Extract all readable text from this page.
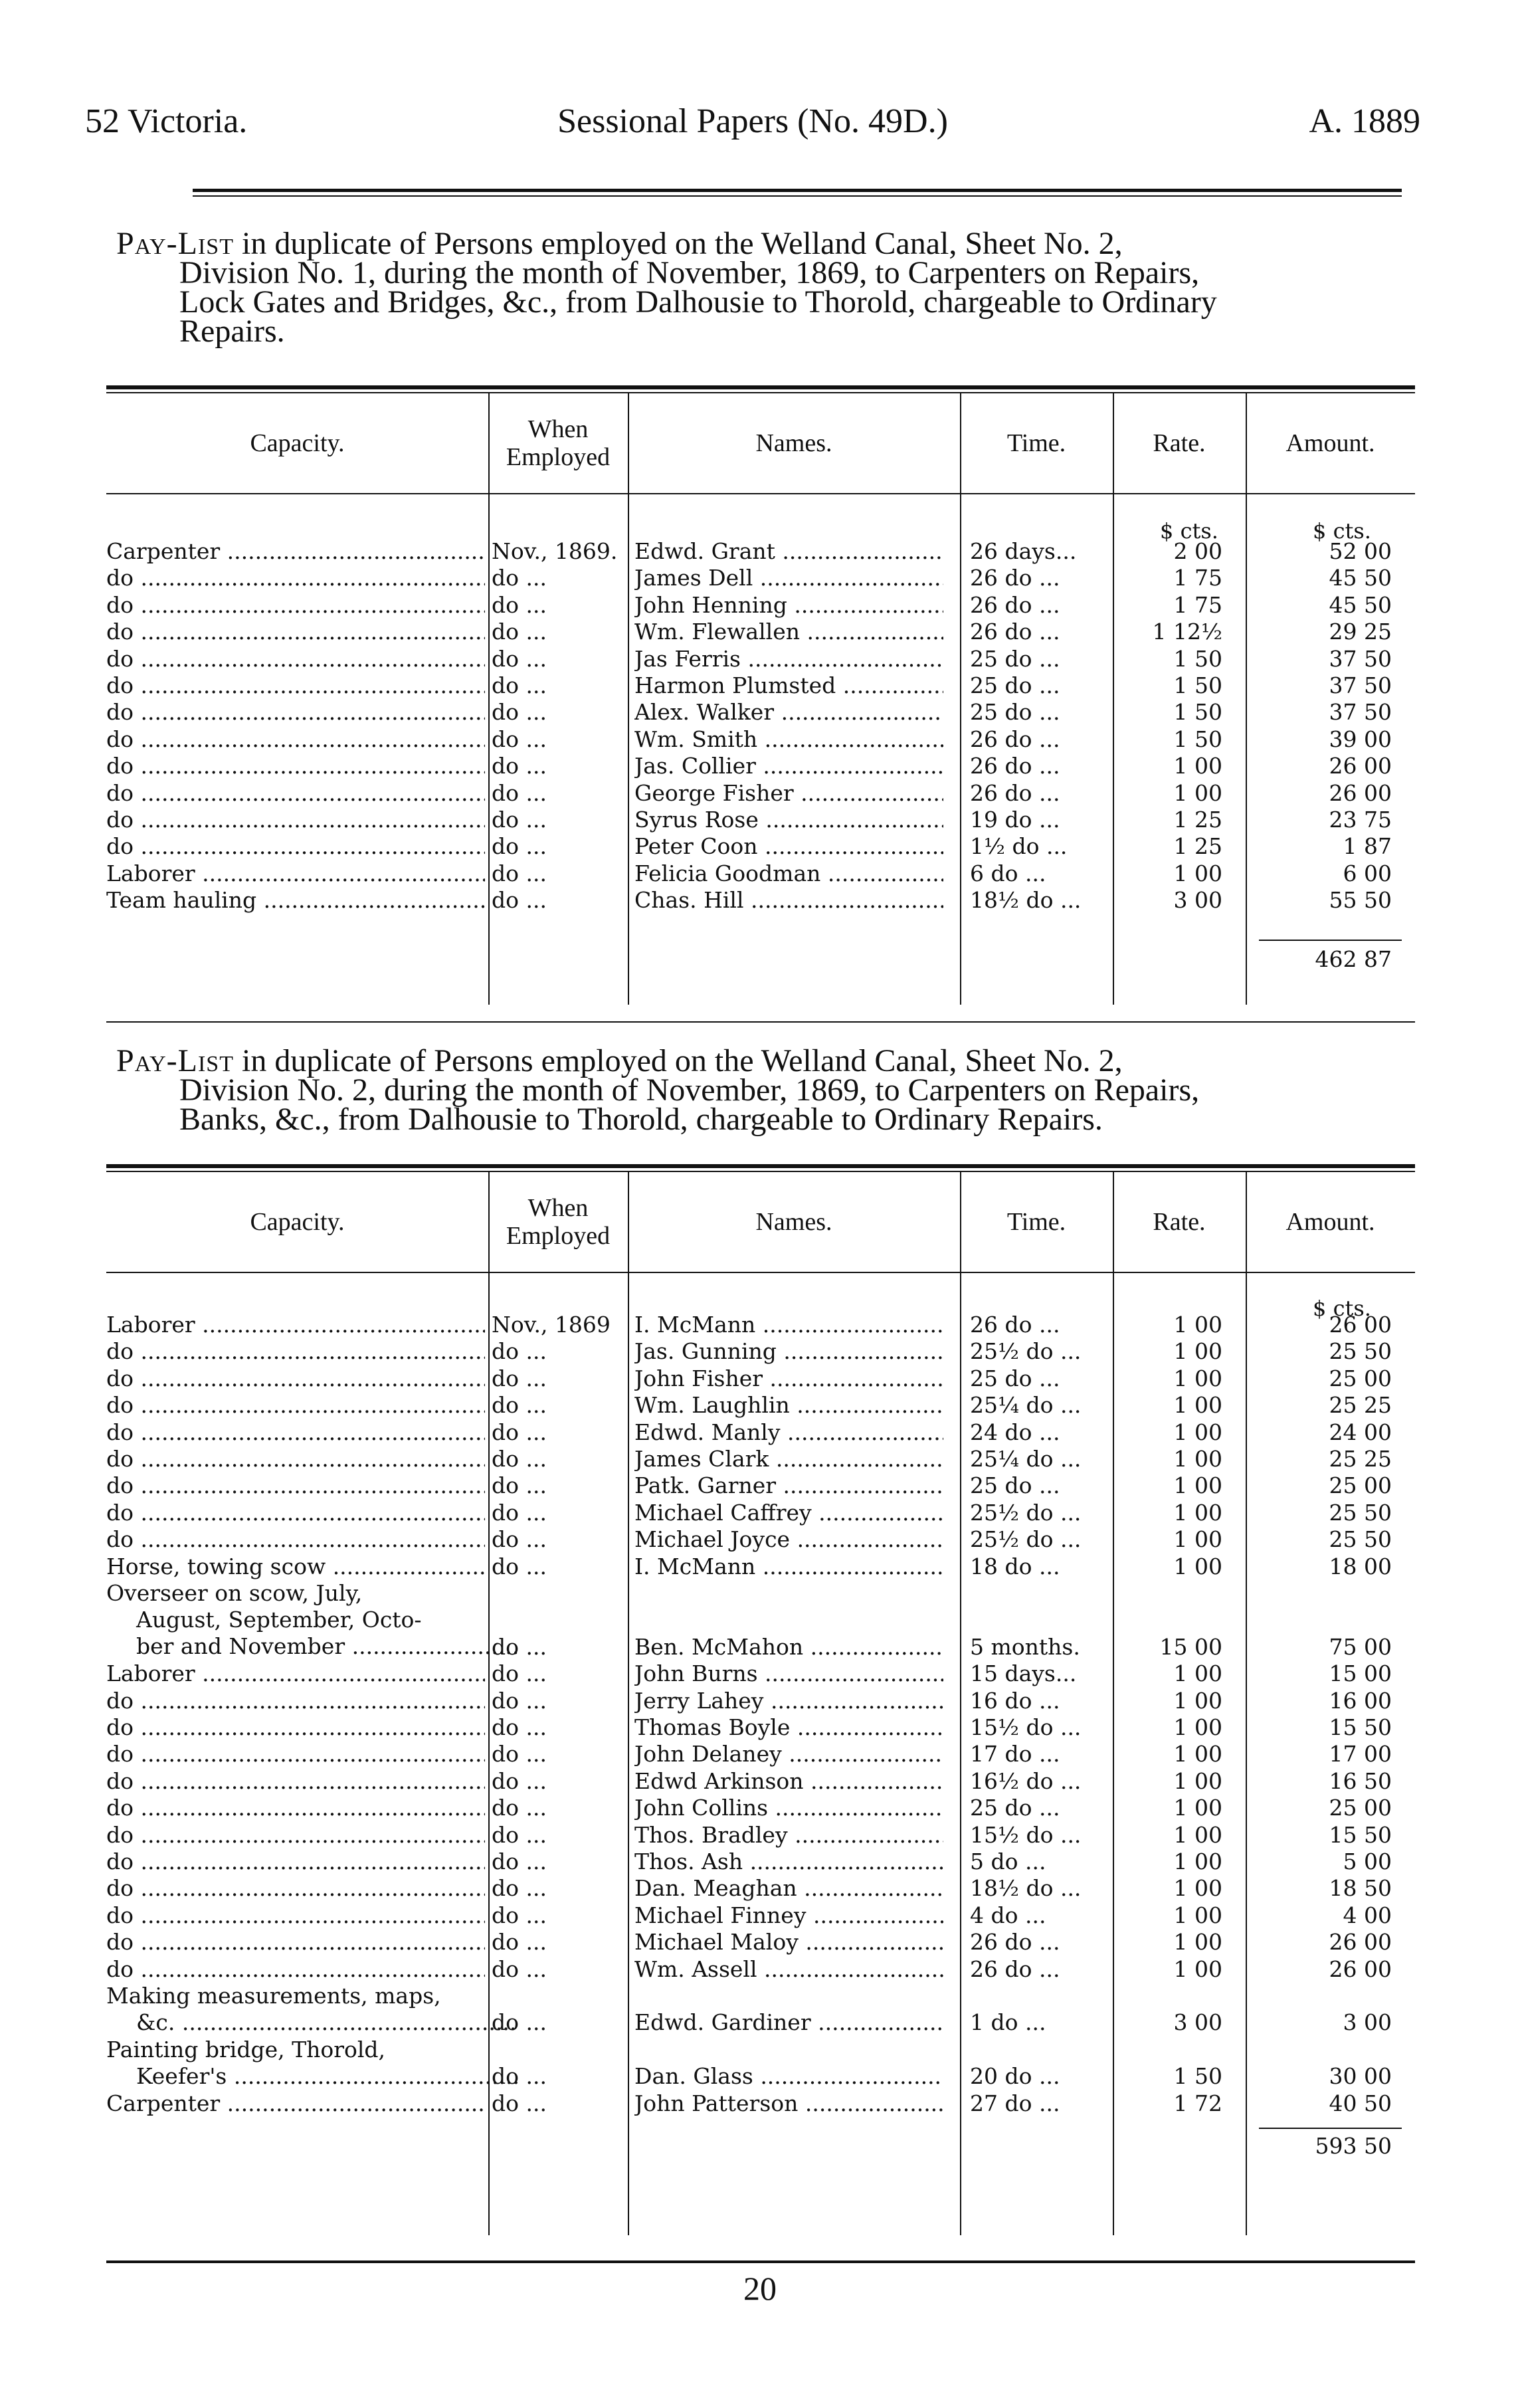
52 Victoria.	Sessional Papers (No. 49D.)	A. 1889
Pay-List in duplicate of Persons employed on the Welland Canal, Sheet No. 2,
Division No. 1, during the month of November, 1869, to Carpenters on Repairs,
Lock Gates and Bridges, &c., from Dalhousie to Thorold, chargeable to Ordinary
Repairs.
Capacity.	When Employed	Names.	Time.	Rate.	Amount.
$ cts.	$ cts.
Carpenter .....	Nov., 1869. Edwd. Grant .....	26 days...	2 00	52 00
do .....	do ...	James Dell .....	26 do ...	1 75	45 50
do .....	do ...	John Henning .....	26 do ...	1 75	45 50
do .....	do ...	Wm. Flewallen .....	26 do ...	1 12½	29 25
do .....	do ...	Jas Ferris .....	25 do ...	1 50	37 50
do .....	do ...	Harmon Plumsted .....	25 do ...	1 50	37 50
do .....	do ...	Alex. Walker .....	25 do ...	1 50	37 50
do .....	do ...	Wm. Smith .....	26 do ...	1 50	39 00
do .....	do ...	Jas. Collier .....	26 do ...	1 00	26 00
do .....	do ...	George Fisher .....	26 do ...	1 00	26 00
do .....	do ...	Syrus Rose .....	19 do ...	1 25	23 75
do .....	do ...	Peter Coon .....	1½ do ...	1 25	1 87
Laborer .....	do ...	Felicia Goodman .....	6 do ...	1 00	6 00
Team hauling .....	do ...	Chas. Hill .....	18½ do ...	3 00	55 50
462 87
Pay-List in duplicate of Persons employed on the Welland Canal, Sheet No. 2,
Division No. 2, during the month of November, 1869, to Carpenters on Repairs,
Banks, &c., from Dalhousie to Thorold, chargeable to Ordinary Repairs.
Capacity.	When Employed	Names.	Time.	Rate.	Amount.
$ cts.
Laborer .....	Nov., 1869	I. McMann .....	26 do ...	1 00	26 00
do .....	do ...	Jas. Gunning .....	25½ do ...	1 00	25 50
do .....	do ...	John Fisher .....	25 do ...	1 00	25 00
do .....	do ...	Wm. Laughlin .....	25¼ do ...	1 00	25 25
do .....	do ...	Edwd. Manly .....	24 do ...	1 00	24 00
do .....	do ...	James Clark .....	25¼ do ...	1 00	25 25
do .....	do ...	Patk. Garner .....	25 do ...	1 00	25 00
do .....	do ...	Michael Caffrey .....	25½ do ...	1 00	25 50
do .....	do ...	Michael Joyce .....	25½ do ...	1 00	25 50
Horse, towing scow .....	do ...	I. McMann .....	18 do ...	1 00	18 00
Overseer on scow, July,
August, September, Octo-
ber and November .....	do ...	Ben. McMahon .....	5 months.	15 00	75 00
Laborer .....	do ...	John Burns .....	15 days...	1 00	15 00
do .....	do ...	Jerry Lahey .....	16 do ...	1 00	16 00
do .....	do ...	Thomas Boyle .....	15½ do ...	1 00	15 50
do .....	do ...	John Delaney .....	17 do ...	1 00	17 00
do .....	do ...	Edwd Arkinson .....	16½ do ...	1 00	16 50
do .....	do ...	John Collins .....	25 do ...	1 00	25 00
do .....	do ...	Thos. Bradley .....	15½ do ...	1 00	15 50
do .....	do ...	Thos. Ash .....	5 do ...	1 00	5 00
do .....	do ...	Dan. Meaghan .....	18½ do ...	1 00	18 50
do .....	do ...	Michael Finney .....	4 do ...	1 00	4 00
do .....	do ...	Michael Maloy .....	26 do ...	1 00	26 00
do .....	do ...	Wm. Assell .....	26 do ...	1 00	26 00
Making measurements, maps,
&c. .....	do ...	Edwd. Gardiner .....	1 do ...	3 00	3 00
Painting bridge, Thorold,
Keefer's .....	do ...	Dan. Glass .....	20 do ...	1 50	30 00
Carpenter .....	do ...	John Patterson .....	27 do ...	1 72	40 50
593 50
20
